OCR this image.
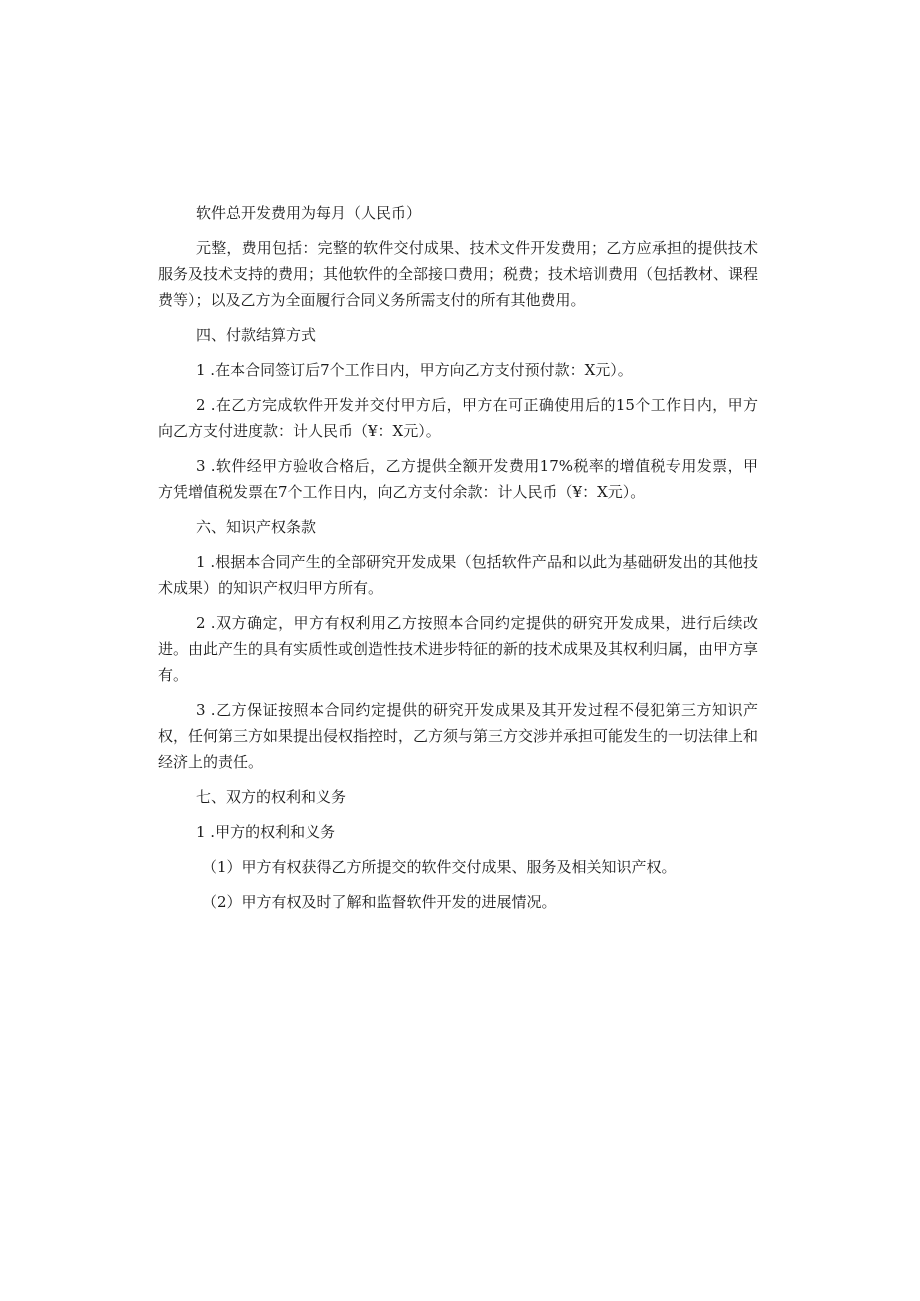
软件总开发费用为每月（人民币）

元整，费用包括：完整的软件交付成果、技术文件开发费用；乙方应承担的提供技术服务及技术支持的费用；其他软件的全部接口费用；税费；技术培训费用（包括教材、课程费等）；以及乙方为全面履行合同义务所需支付的所有其他费用。

四、付款结算方式

1 .在本合同签订后7个工作日内，甲方向乙方支付预付款：X元）。

2 .在乙方完成软件开发并交付甲方后，甲方在可正确使用后的15个工作日内，甲方向乙方支付进度款：计人民币（¥：X元）。

3 .软件经甲方验收合格后，乙方提供全额开发费用17%税率的增值税专用发票，甲方凭增值税发票在7个工作日内，向乙方支付余款：计人民币（¥：X元）。

六、知识产权条款

1 .根据本合同产生的全部研究开发成果（包括软件产品和以此为基础研发出的其他技术成果）的知识产权归甲方所有。

2 .双方确定，甲方有权利用乙方按照本合同约定提供的研究开发成果，进行后续改进。由此产生的具有实质性或创造性技术进步特征的新的技术成果及其权利归属，由甲方享有。

3 .乙方保证按照本合同约定提供的研究开发成果及其开发过程不侵犯第三方知识产权，任何第三方如果提出侵权指控时，乙方须与第三方交涉并承担可能发生的一切法律上和经济上的责任。

七、双方的权利和义务

1 .甲方的权利和义务

（1）甲方有权获得乙方所提交的软件交付成果、服务及相关知识产权。

（2）甲方有权及时了解和监督软件开发的进展情况。
